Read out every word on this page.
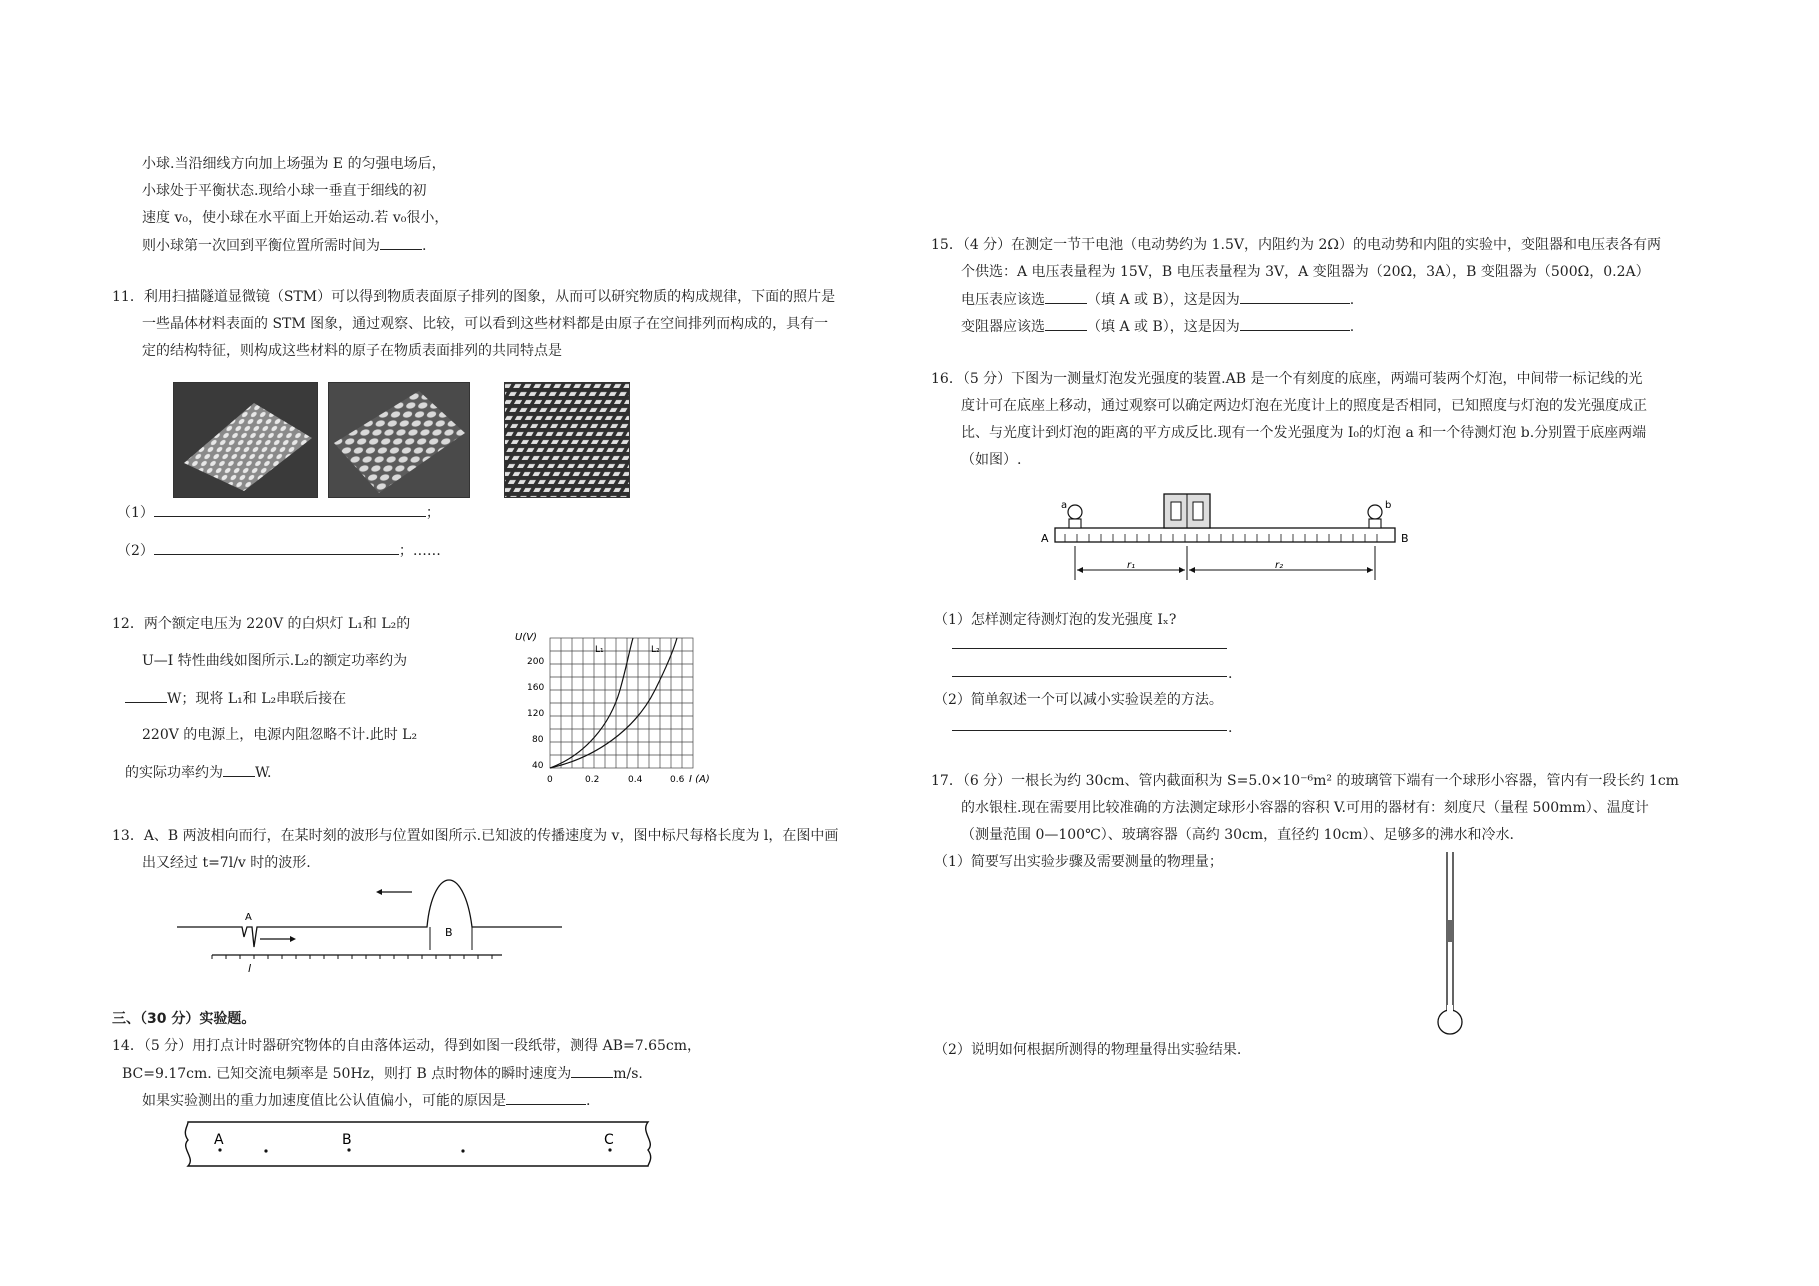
小球.当沿细线方向加上场强为 E 的匀强电场后，
小球处于平衡状态.现给小球一垂直于细线的初
速度 v₀，使小球在水平面上开始运动.若 v₀很小，
则小球第一次回到平衡位置所需时间为	.
11．利用扫描隧道显微镜（STM）可以得到物质表面原子排列的图象，从而可以研究物质的构成规律，下面的照片是
一些晶体材料表面的 STM 图象，通过观察、比较，可以看到这些材料都是由原子在空间排列而构成的，具有一
定的结构特征，则构成这些材料的原子在物质表面排列的共同特点是
（1）	；
（2）	；……
12．两个额定电压为 220V 的白炽灯 L₁和 L₂的
U—I 特性曲线如图所示.L₂的额定功率约为
W；现将 L₁和 L₂串联后接在
220V 的电源上，电源内阻忽略不计.此时 L₂
的实际功率约为 W.
U(V)
I (A)
200
160
120
80
40
0	0.2	0.4	0.6
L₁	L₂
13．A、B 两波相向而行，在某时刻的波形与位置如图所示.已知波的传播速度为 v，图中标尺每格长度为 l，在图中画
出又经过 t=7l/v 时的波形.
A
B
l
三、（30 分）实验题。
14．（5 分）用打点计时器研究物体的自由落体运动，得到如图一段纸带，测得 AB=7.65cm，
BC=9.17cm. 已知交流电频率是 50Hz，则打 B 点时物体的瞬时速度为	m/s.
如果实验测出的重力加速度值比公认值偏小，可能的原因是	.
A	B	C
15．（4 分）在测定一节干电池（电动势约为 1.5V，内阻约为 2Ω）的电动势和内阻的实验中，变阻器和电压表各有两
个供选：A 电压表量程为 15V，B 电压表量程为 3V，A 变阻器为（20Ω，3A），B 变阻器为（500Ω，0.2A）
电压表应该选	（填 A 或 B），这是因为	.
变阻器应该选	（填 A 或 B），这是因为	.
16．（5 分）下图为一测量灯泡发光强度的装置.AB 是一个有刻度的底座，两端可装两个灯泡，中间带一标记线的光
度计可在底座上移动，通过观察可以确定两边灯泡在光度计上的照度是否相同，已知照度与灯泡的发光强度成正
比、与光度计到灯泡的距离的平方成反比.现有一个发光强度为 I₀的灯泡 a 和一个待测灯泡 b.分别置于底座两端
（如图）.
a	b
A	B
r₁	r₂
（1）怎样测定待测灯泡的发光强度 Iₓ?
.
（2）简单叙述一个可以减小实验误差的方法。
.
17．（6 分）一根长为约 30cm、管内截面积为 S=5.0×10⁻⁶m² 的玻璃管下端有一个球形小容器，管内有一段长约 1cm
的水银柱.现在需要用比较准确的方法测定球形小容器的容积 V.可用的器材有：刻度尺（量程 500mm）、温度计
（测量范围 0—100℃）、玻璃容器（高约 30cm，直径约 10cm）、足够多的沸水和冷水.
（1）简要写出实验步骤及需要测量的物理量；
（2）说明如何根据所测得的物理量得出实验结果.
